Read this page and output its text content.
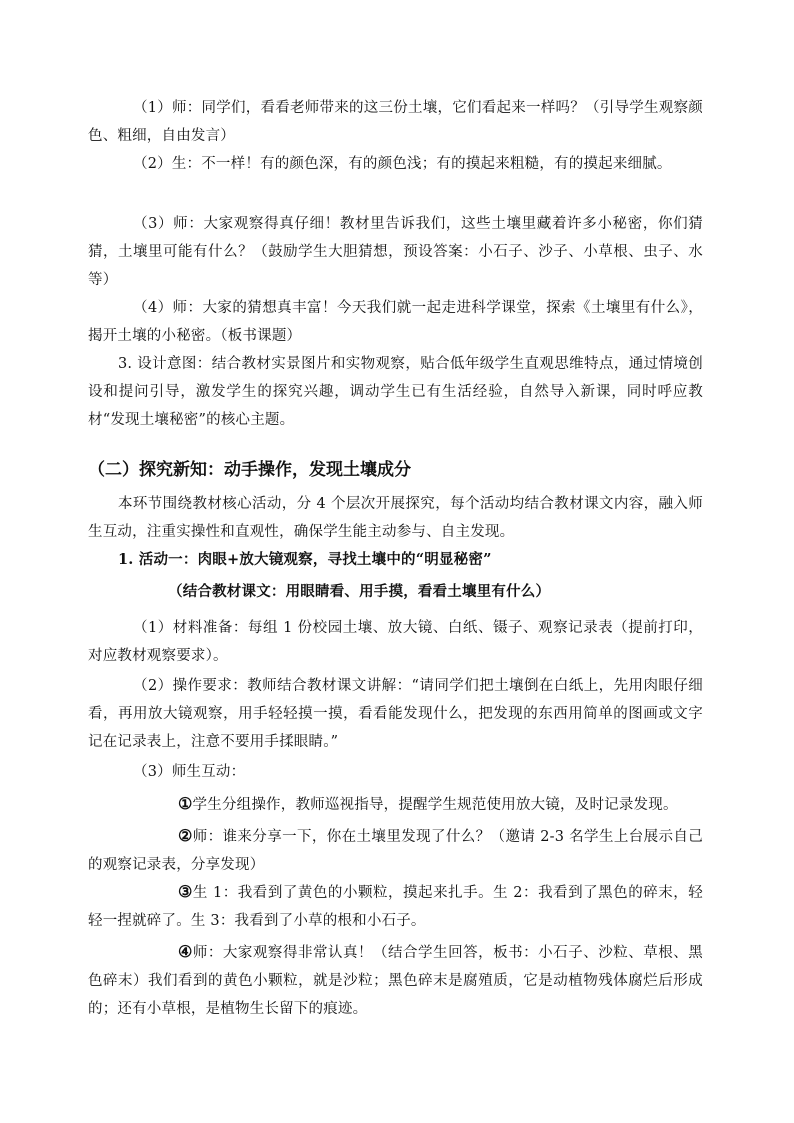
（1）师：同学们，看看老师带来的这三份土壤，它们看起来一样吗？（引导学生观察颜色、粗细，自由发言）

（2）生：不一样！有的颜色深，有的颜色浅；有的摸起来粗糙，有的摸起来细腻。

（3）师：大家观察得真仔细！教材里告诉我们，这些土壤里藏着许多小秘密，你们猜猜，土壤里可能有什么？（鼓励学生大胆猜想，预设答案：小石子、沙子、小草根、虫子、水等）

（4）师：大家的猜想真丰富！今天我们就一起走进科学课堂，探索《土壤里有什么》，揭开土壤的小秘密。（板书课题）

3. 设计意图：结合教材实景图片和实物观察，贴合低年级学生直观思维特点，通过情境创设和提问引导，激发学生的探究兴趣，调动学生已有生活经验，自然导入新课，同时呼应教材“发现土壤秘密”的核心主题。

（二）探究新知：动手操作，发现土壤成分

本环节围绕教材核心活动，分 4 个层次开展探究，每个活动均结合教材课文内容，融入师生互动，注重实操性和直观性，确保学生能主动参与、自主发现。

1. 活动一：肉眼+放大镜观察，寻找土壤中的“明显秘密”

（结合教材课文：用眼睛看、用手摸，看看土壤里有什么）

（1）材料准备：每组 1 份校园土壤、放大镜、白纸、镊子、观察记录表（提前打印，对应教材观察要求）。

（2）操作要求：教师结合教材课文讲解：“请同学们把土壤倒在白纸上，先用肉眼仔细看，再用放大镜观察，用手轻轻摸一摸，看看能发现什么，把发现的东西用简单的图画或文字记在记录表上，注意不要用手揉眼睛。”

（3）师生互动：

①学生分组操作，教师巡视指导，提醒学生规范使用放大镜，及时记录发现。

②师：谁来分享一下，你在土壤里发现了什么？（邀请 2-3 名学生上台展示自己的观察记录表，分享发现）

③生 1：我看到了黄色的小颗粒，摸起来扎手。生 2：我看到了黑色的碎末，轻轻一捏就碎了。生 3：我看到了小草的根和小石子。

④师：大家观察得非常认真！（结合学生回答，板书：小石子、沙粒、草根、黑色碎末）我们看到的黄色小颗粒，就是沙粒；黑色碎末是腐殖质，它是动植物残体腐烂后形成的；还有小草根，是植物生长留下的痕迹。
